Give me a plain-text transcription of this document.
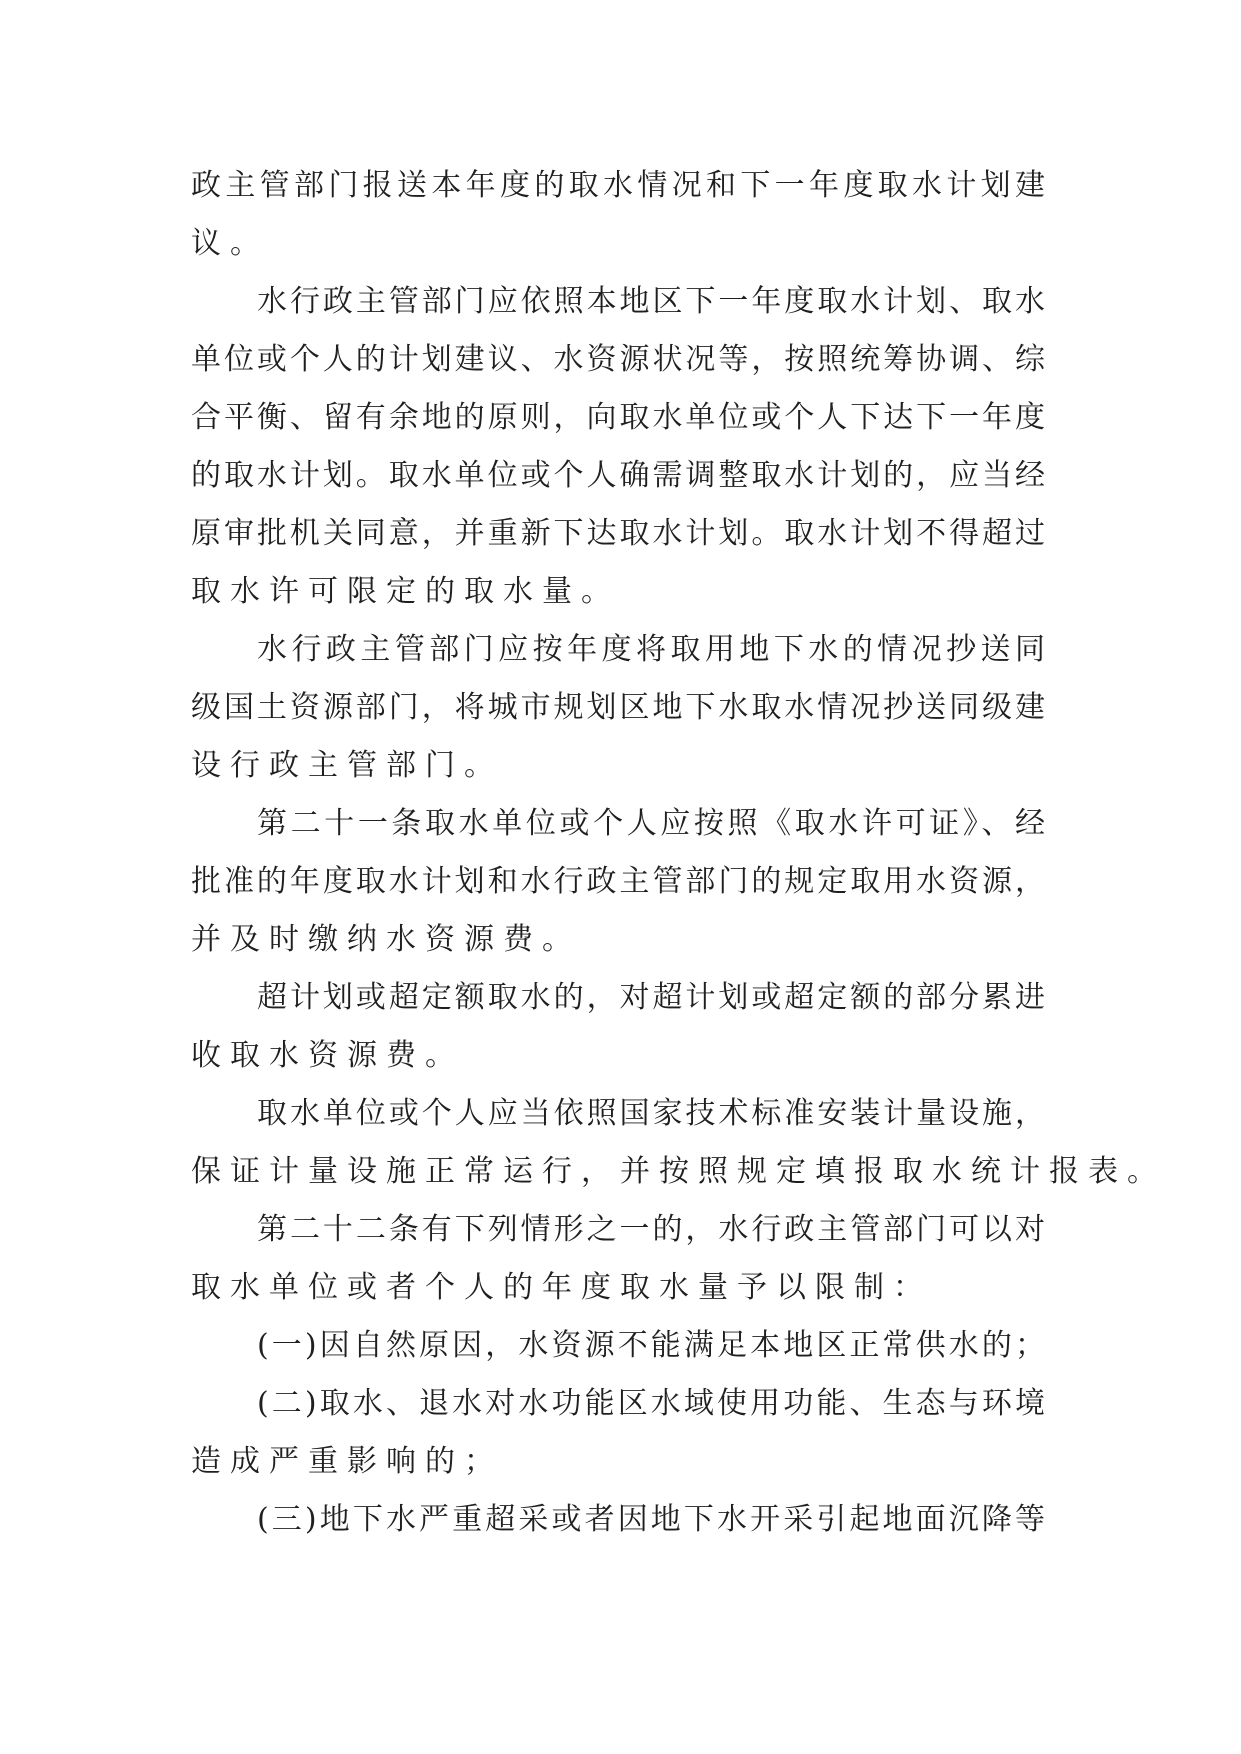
政主管部门报送本年度的取水情况和下一年度取水计划建
议。

水行政主管部门应依照本地区下一年度取水计划、取水
单位或个人的计划建议、水资源状况等，按照统筹协调、综
合平衡、留有余地的原则，向取水单位或个人下达下一年度
的取水计划。取水单位或个人确需调整取水计划的，应当经
原审批机关同意，并重新下达取水计划。取水计划不得超过
取水许可限定的取水量。

水行政主管部门应按年度将取用地下水的情况抄送同
级国土资源部门，将城市规划区地下水取水情况抄送同级建
设行政主管部门。

第二十一条取水单位或个人应按照《取水许可证》、经
批准的年度取水计划和水行政主管部门的规定取用水资源，
并及时缴纳水资源费。

超计划或超定额取水的，对超计划或超定额的部分累进
收取水资源费。

取水单位或个人应当依照国家技术标准安装计量设施，
保证计量设施正常运行，并按照规定填报取水统计报表。

第二十二条有下列情形之一的，水行政主管部门可以对
取水单位或者个人的年度取水量予以限制：

(一)因自然原因，水资源不能满足本地区正常供水的；

(二)取水、退水对水功能区水域使用功能、生态与环境
造成严重影响的；

(三)地下水严重超采或者因地下水开采引起地面沉降等
